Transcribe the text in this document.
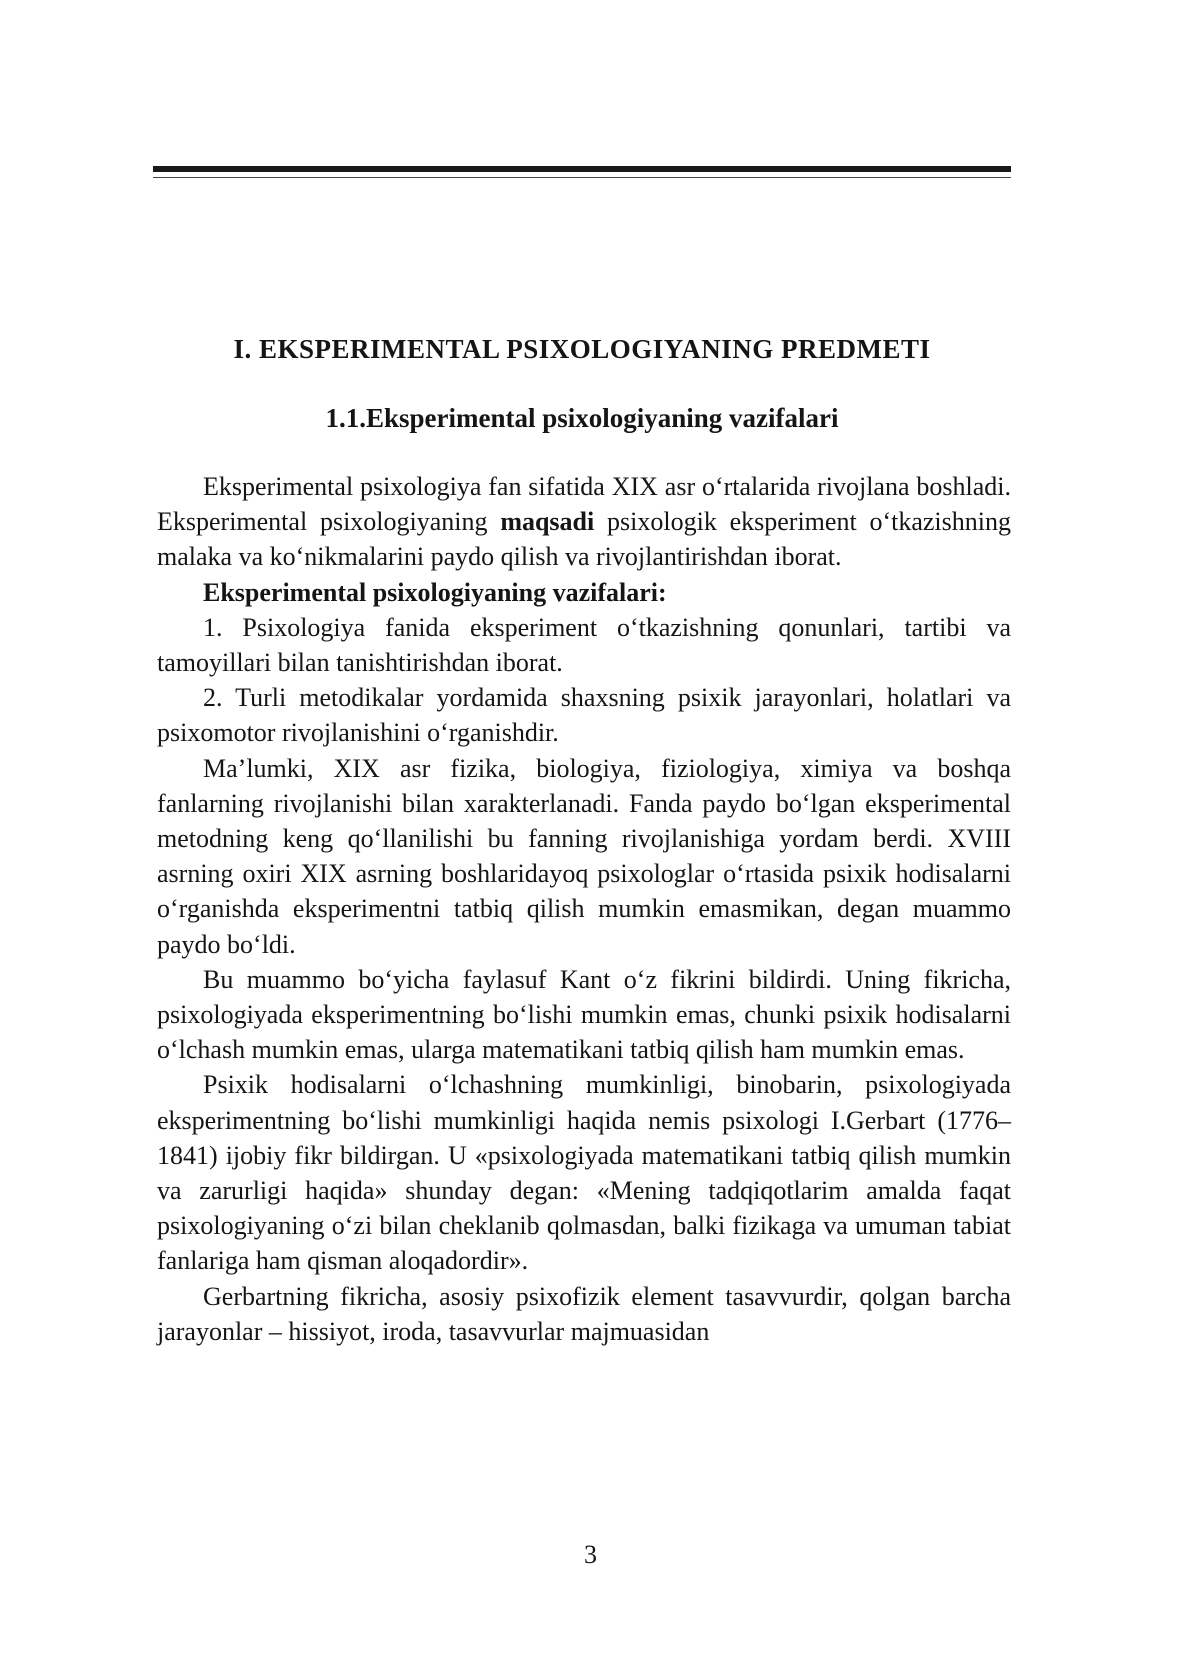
I. EKSPERIMENTAL PSIXOLOGIYANING PREDMETI
1.1.Eksperimental psixologiyaning vazifalari

Eksperimental psixologiya fan sifatida XIX asr o‘rtalarida rivojlana boshladi. Eksperimental psixologiyaning maqsadi psixologik eksperiment o‘tkazishning malaka va ko‘nikmalarini paydo qilish va rivojlantirishdan iborat.

Eksperimental psixologiyaning vazifalari:

1. Psixologiya fanida eksperiment o‘tkazishning qonunlari, tartibi va tamoyillari bilan tanishtirishdan iborat.

2. Turli metodikalar yordamida shaxsning psixik jarayonlari, holatlari va psixomotor rivojlanishini o‘rganishdir.

Ma’lumki, XIX asr fizika, biologiya, fiziologiya, ximiya va boshqa fanlarning rivojlanishi bilan xarakterlanadi. Fanda paydo bo‘lgan eksperimental metodning keng qo‘llanilishi bu fanning rivojlanishiga yordam berdi. XVIII asrning oxiri XIX asrning boshlaridayoq psixologlar o‘rtasida psixik hodisalarni o‘rganishda eksperimentni tatbiq qilish mumkin emasmikan, degan muammo paydo bo‘ldi.

Bu muammo bo‘yicha faylasuf Kant o‘z fikrini bildirdi. Uning fikricha, psixologiyada eksperimentning bo‘lishi mumkin emas, chunki psixik hodisalarni o‘lchash mumkin emas, ularga matematikani tatbiq qilish ham mumkin emas.

Psixik hodisalarni o‘lchashning mumkinligi, binobarin, psixologiyada eksperimentning bo‘lishi mumkinligi haqida nemis psixologi I.Gerbart (1776–1841) ijobiy fikr bildirgan. U «psixologiyada matematikani tatbiq qilish mumkin va zarurligi haqida» shunday degan: «Mening tadqiqotlarim amalda faqat psixologiyaning o‘zi bilan cheklanib qolmasdan, balki fizikaga va umuman tabiat fanlariga ham qisman aloqadordir».

Gerbartning fikricha, asosiy psixofizik element tasavvurdir, qolgan barcha jarayonlar – hissiyot, iroda, tasavvurlar majmuasidan

3
